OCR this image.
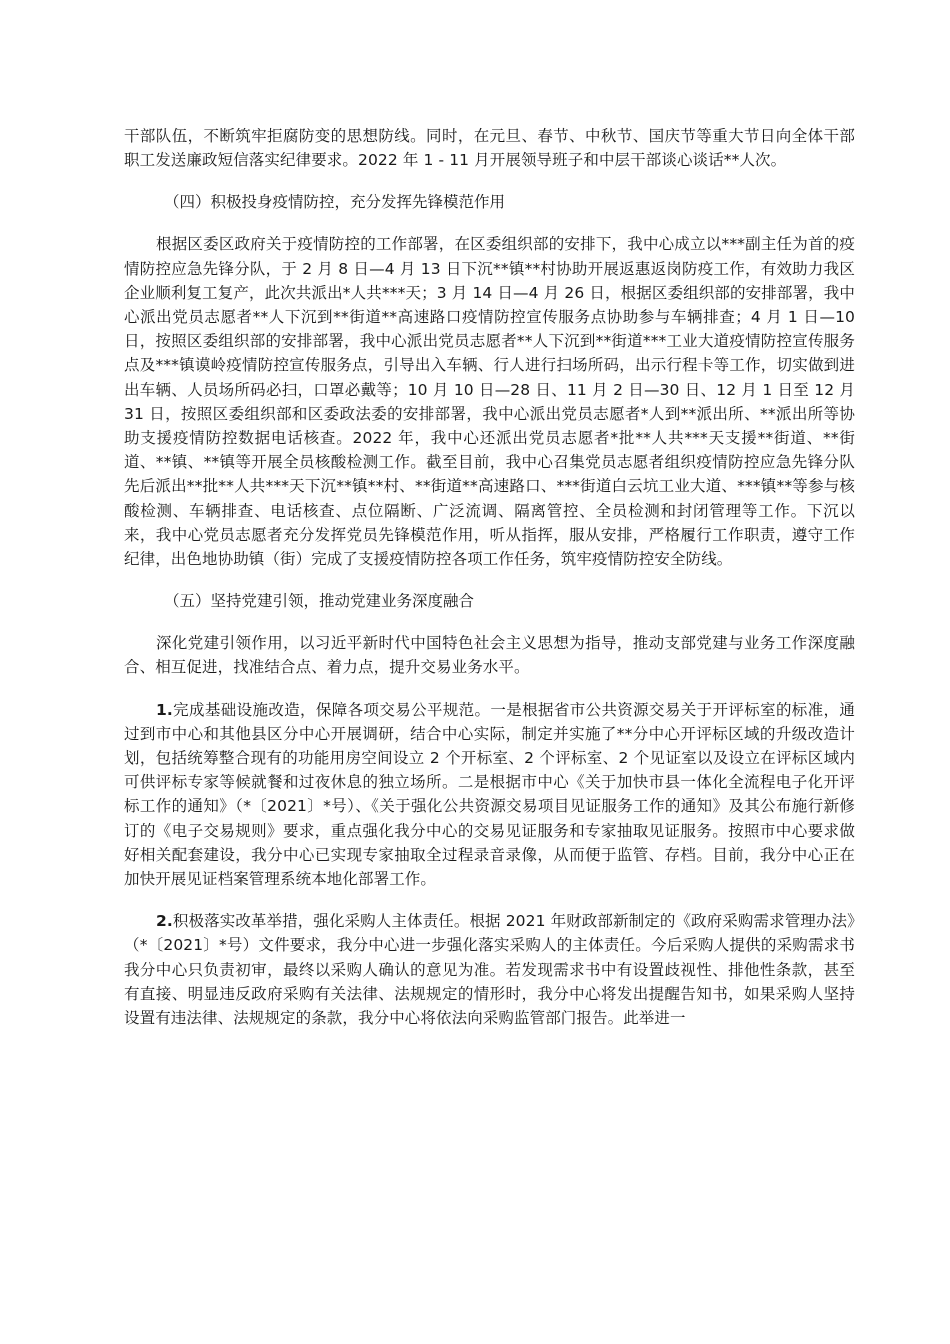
干部队伍，不断筑牢拒腐防变的思想防线。同时，在元旦、春节、中秋节、国庆节等重大节日向全体干部职工发送廉政短信落实纪律要求。2022 年 1 - 11 月开展领导班子和中层干部谈心谈话**人次。

（四）积极投身疫情防控，充分发挥先锋模范作用

根据区委区政府关于疫情防控的工作部署，在区委组织部的安排下，我中心成立以***副主任为首的疫情防控应急先锋分队，于 2 月 8 日—4 月 13 日下沉**镇**村协助开展返惠返岗防疫工作，有效助力我区企业顺利复工复产，此次共派出*人共***天；3 月 14 日—4 月 26 日，根据区委组织部的安排部署，我中心派出党员志愿者**人下沉到**街道**高速路口疫情防控宣传服务点协助参与车辆排查；4 月 1 日—10 日，按照区委组织部的安排部署，我中心派出党员志愿者**人下沉到**街道***工业大道疫情防控宣传服务点及***镇谟岭疫情防控宣传服务点，引导出入车辆、行人进行扫场所码，出示行程卡等工作，切实做到进出车辆、人员场所码必扫，口罩必戴等；10 月 10 日—28 日、11 月 2 日—30 日、12 月 1 日至 12 月 31 日，按照区委组织部和区委政法委的安排部署，我中心派出党员志愿者*人到**派出所、**派出所等协助支援疫情防控数据电话核查。2022 年，我中心还派出党员志愿者*批**人共***天支援**街道、**街道、**镇、**镇等开展全员核酸检测工作。截至目前，我中心召集党员志愿者组织疫情防控应急先锋分队先后派出**批**人共***天下沉**镇**村、**街道**高速路口、***街道白云坑工业大道、***镇**等参与核酸检测、车辆排查、电话核查、点位隔断、广泛流调、隔离管控、全员检测和封闭管理等工作。下沉以来，我中心党员志愿者充分发挥党员先锋模范作用，听从指挥，服从安排，严格履行工作职责，遵守工作纪律，出色地协助镇（街）完成了支援疫情防控各项工作任务，筑牢疫情防控安全防线。

（五）坚持党建引领，推动党建业务深度融合

深化党建引领作用，以习近平新时代中国特色社会主义思想为指导，推动支部党建与业务工作深度融合、相互促进，找准结合点、着力点，提升交易业务水平。

1.完成基础设施改造，保障各项交易公平规范。一是根据省市公共资源交易关于开评标室的标准，通过到市中心和其他县区分中心开展调研，结合中心实际，制定并实施了**分中心开评标区域的升级改造计划，包括统筹整合现有的功能用房空间设立 2 个开标室、2 个评标室、2 个见证室以及设立在评标区域内可供评标专家等候就餐和过夜休息的独立场所。二是根据市中心《关于加快市县一体化全流程电子化开评标工作的通知》（*〔2021〕*号）、《关于强化公共资源交易项目见证服务工作的通知》及其公布施行新修订的《电子交易规则》要求，重点强化我分中心的交易见证服务和专家抽取见证服务。按照市中心要求做好相关配套建设，我分中心已实现专家抽取全过程录音录像，从而便于监管、存档。目前，我分中心正在加快开展见证档案管理系统本地化部署工作。

2.积极落实改革举措，强化采购人主体责任。根据 2021 年财政部新制定的《政府采购需求管理办法》（*〔2021〕*号）文件要求，我分中心进一步强化落实采购人的主体责任。今后采购人提供的采购需求书我分中心只负责初审，最终以采购人确认的意见为准。若发现需求书中有设置歧视性、排他性条款，甚至有直接、明显违反政府采购有关法律、法规规定的情形时，我分中心将发出提醒告知书，如果采购人坚持设置有违法律、法规规定的条款，我分中心将依法向采购监管部门报告。此举进一
